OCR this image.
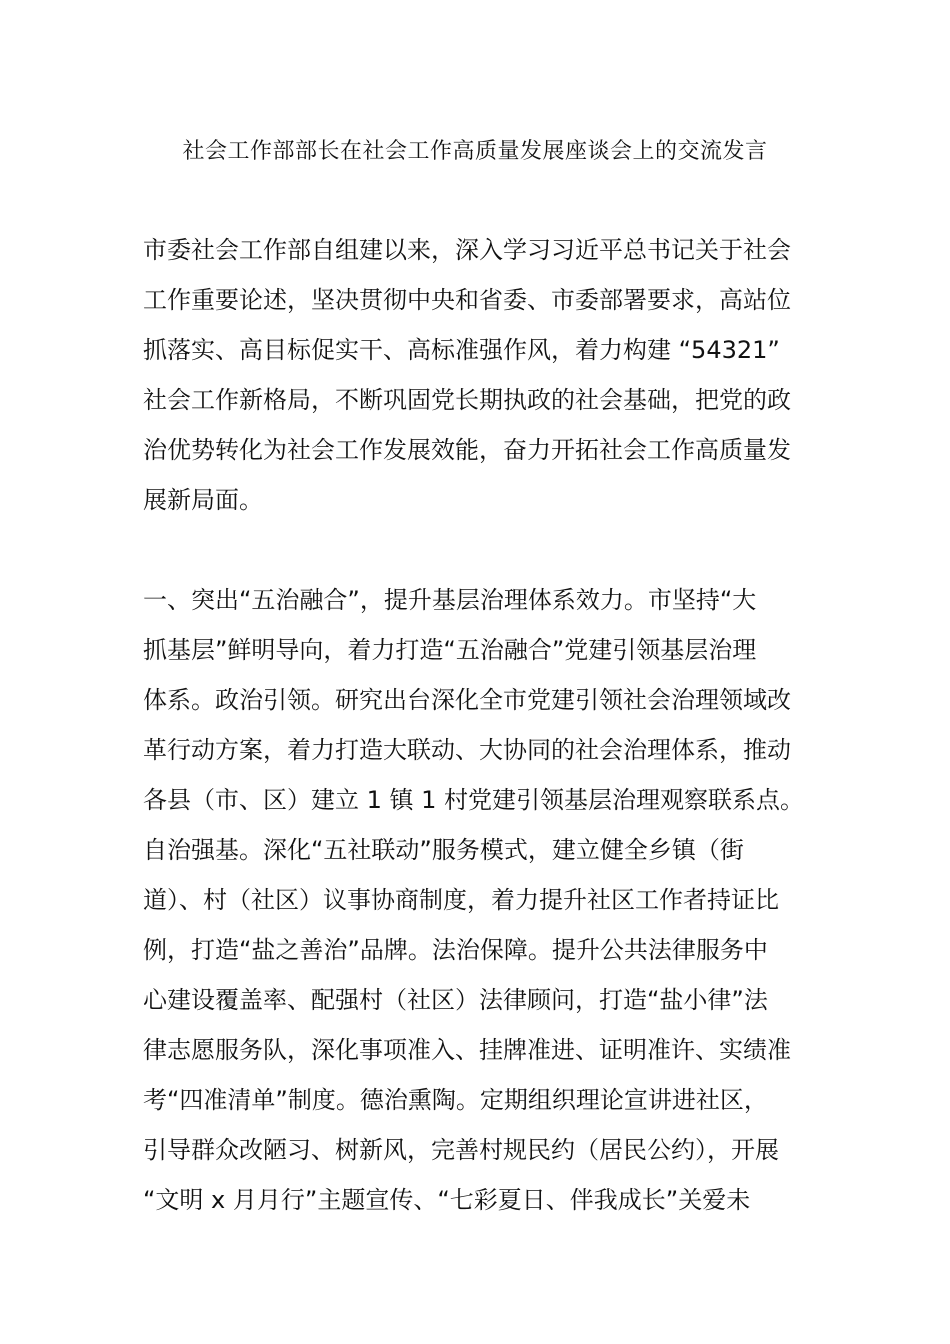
社会工作部部长在社会工作高质量发展座谈会上的交流发言
市委社会工作部自组建以来，深入学习习近平总书记关于社会
工作重要论述，坚决贯彻中央和省委、市委部署要求，高站位
抓落实、高目标促实干、高标准强作风，着力构建 “54321”
社会工作新格局，不断巩固党长期执政的社会基础，把党的政
治优势转化为社会工作发展效能，奋力开拓社会工作高质量发
展新局面。
一、突出“五治融合”，提升基层治理体系效力。市坚持“大
抓基层”鲜明导向，着力打造“五治融合”党建引领基层治理
体系。政治引领。研究出台深化全市党建引领社会治理领域改
革行动方案，着力打造大联动、大协同的社会治理体系，推动
各县（市、区）建立 1 镇 1 村党建引领基层治理观察联系点。
自治强基。深化“五社联动”服务模式，建立健全乡镇（街
道）、村（社区）议事协商制度，着力提升社区工作者持证比
例，打造“盐之善治”品牌。法治保障。提升公共法律服务中
心建设覆盖率、配强村（社区）法律顾问，打造“盐小律”法
律志愿服务队，深化事项准入、挂牌准进、证明准许、实绩准
考“四准清单”制度。德治熏陶。定期组织理论宣讲进社区，
引导群众改陋习、树新风，完善村规民约（居民公约），开展
“文明 x 月月行”主题宣传、“七彩夏日、伴我成长”关爱未
